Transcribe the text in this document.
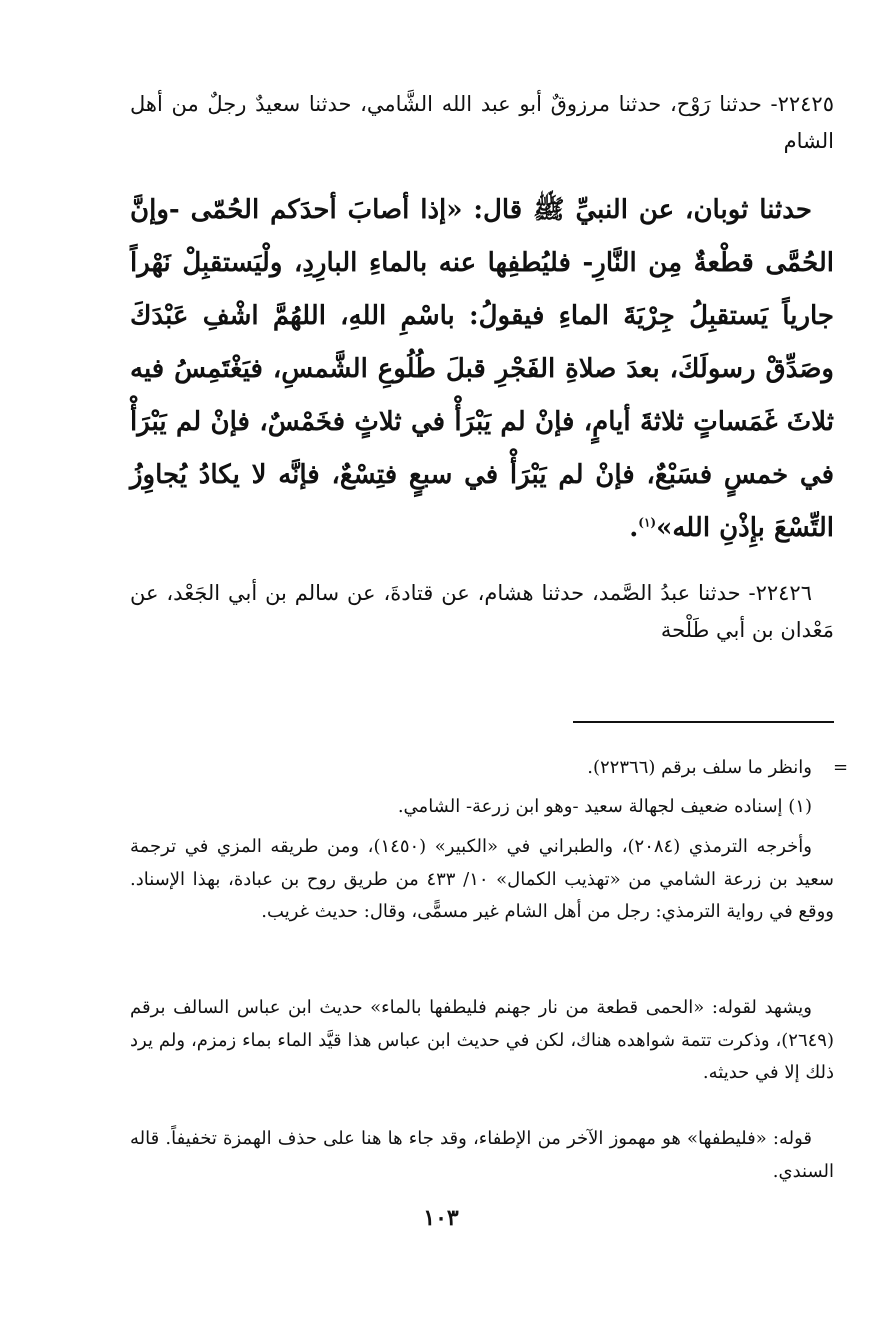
٢٢٤٢٥- حدثنا رَوْح، حدثنا مرزوقٌ أبو عبد الله الشَّامي، حدثنا سعيدٌ رجلٌ من أهل الشام

حدثنا ثوبان، عن النبيِّ ﷺ قال: «إذا أصابَ أحدَكم الحُمّى -وإنَّ الحُمَّى قطْعةٌ مِن النَّارِ- فليُطفِها عنه بالماءِ البارِدِ، ولْيَستقبِلْ نَهْراً جارياً يَستقبِلُ جِرْيَةَ الماءِ فيقولُ: باسْمِ اللهِ، اللهُمَّ اشْفِ عَبْدَكَ وصَدِّقْ رسولَكَ، بعدَ صلاةِ الفَجْرِ قبلَ طُلُوعِ الشَّمسِ، فيَغْتَمِسُ فيه ثلاثَ غَمَساتٍ ثلاثةَ أيامٍ، فإنْ لم يَبْرَأْ في ثلاثٍ فخَمْسٌ، فإنْ لم يَبْرَأْ في خمسٍ فسَبْعٌ، فإنْ لم يَبْرَأْ في سبعٍ فتِسْعٌ، فإنَّه لا يكادُ يُجاوِزُ التِّسْعَ بإِذْنِ الله»$^{(١)}$.

٢٢٤٢٦- حدثنا عبدُ الصَّمد، حدثنا هشام، عن قتادةَ، عن سالم بن أبي الجَعْد، عن مَعْدان بن أبي طَلْحة

=

وانظر ما سلف برقم (٢٢٣٦٦).

(١) إسناده ضعيف لجهالة سعيد -وهو ابن زرعة- الشامي.

وأخرجه الترمذي (٢٠٨٤)، والطبراني في «الكبير» (١٤٥٠)، ومن طريقه المزي في ترجمة سعيد بن زرعة الشامي من «تهذيب الكمال» ١٠/ ٤٣٣ من طريق روح بن عبادة، بهذا الإسناد. ووقع في رواية الترمذي: رجل من أهل الشام غير مسمًّى، وقال: حديث غريب.

ويشهد لقوله: «الحمى قطعة من نار جهنم فليطفها بالماء» حديث ابن عباس السالف برقم (٢٦٤٩)، وذكرت تتمة شواهده هناك، لكن في حديث ابن عباس هذا قيَّد الماء بماء زمزم، ولم يرد ذلك إلا في حديثه.

قوله: «فليطفها» هو مهموز الآخر من الإطفاء، وقد جاء ها هنا على حذف الهمزة تخفيفاً. قاله السندي.

١٠٣
